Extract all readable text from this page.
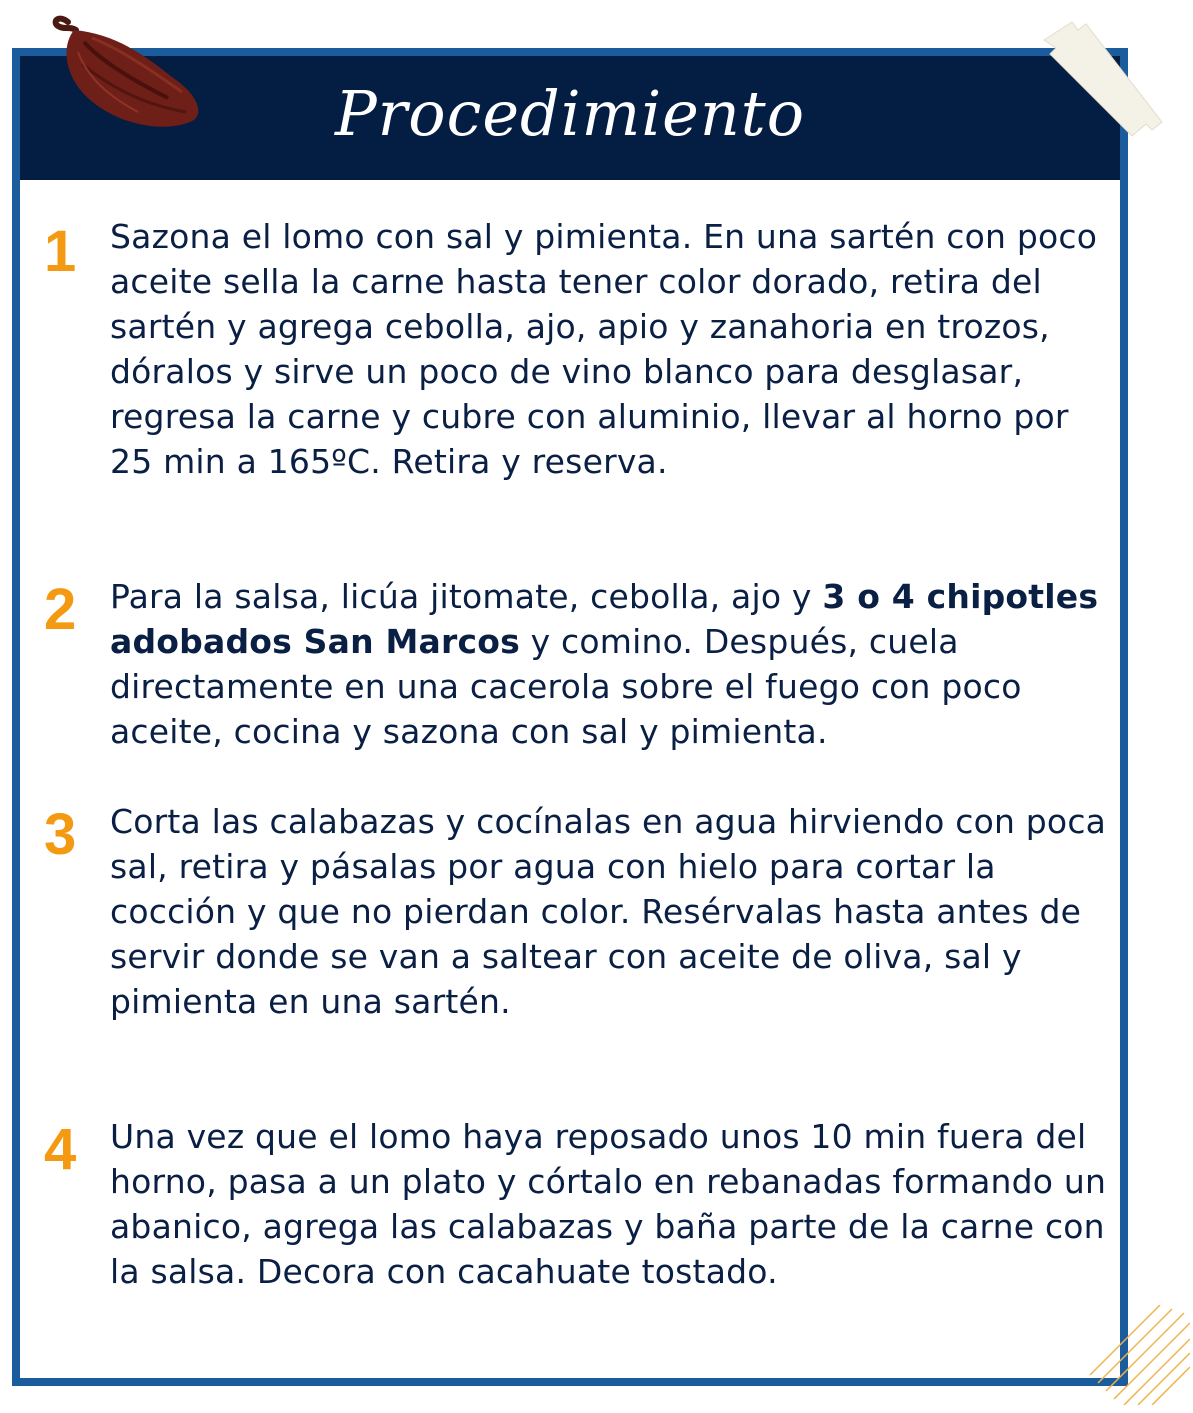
Procedimiento
1	Sazona el lomo con sal y pimienta. En una sartén con poco aceite sella la carne hasta tener color dorado, retira del sartén y agrega cebolla, ajo, apio y zanahoria en trozos, dóralos y sirve un poco de vino blanco para desglasar, regresa la carne y cubre con aluminio, llevar al horno por 25 min a 165ºC. Retira y reserva.
2	Para la salsa, licúa jitomate, cebolla, ajo y 3 o 4 chipotles adobados San Marcos y comino. Después, cuela directamente en una cacerola sobre el fuego con poco aceite, cocina y sazona con sal y pimienta.
3	Corta las calabazas y cocínalas en agua hirviendo con poca sal, retira y pásalas por agua con hielo para cortar la cocción y que no pierdan color. Resérvalas hasta antes de servir donde se van a saltear con aceite de oliva, sal y pimienta en una sartén.
4	Una vez que el lomo haya reposado unos 10 min fuera del horno, pasa a un plato y córtalo en rebanadas formando un abanico, agrega las calabazas y baña parte de la carne con la salsa. Decora con cacahuate tostado.
